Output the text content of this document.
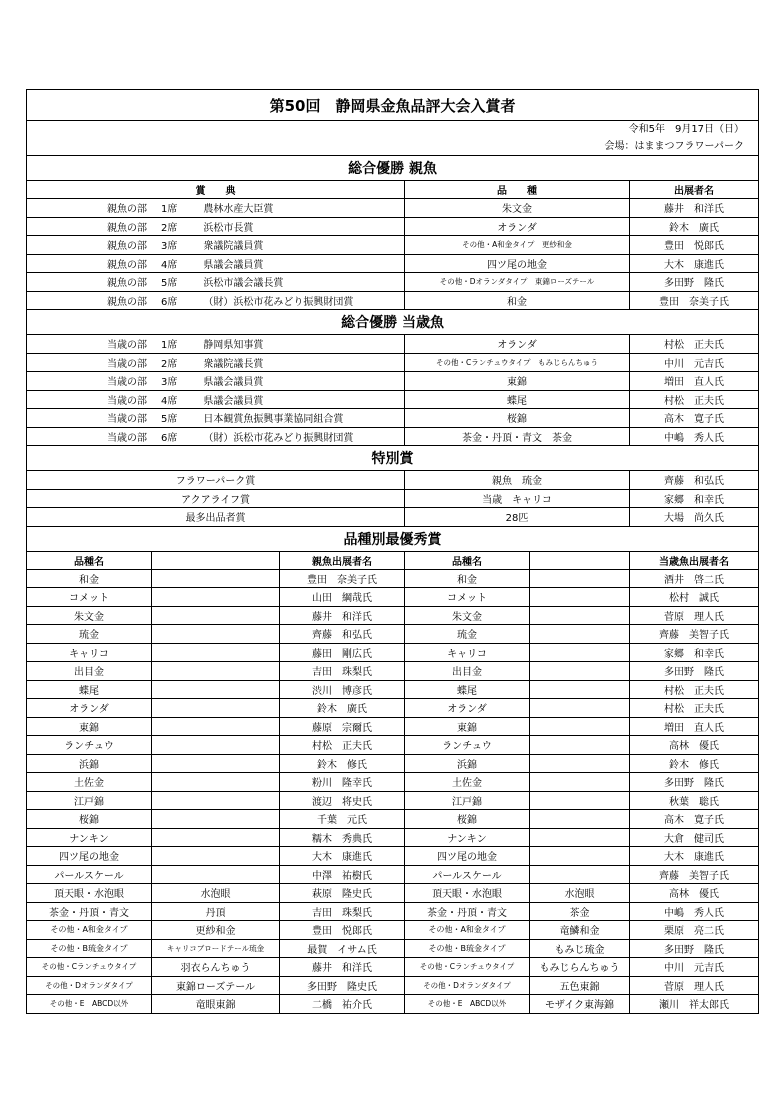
第50回　静岡県金魚品評大会入賞者					
令和5年　9月17日（日）					
会場：はままつフラワーパーク					
総合優勝 親魚					
賞　　典			品　　種		出展者名
親魚の部 1席 農林水産大臣賞			朱文金		藤井　和洋氏
親魚の部 2席 浜松市長賞			オランダ		鈴木　廣氏
親魚の部 3席 衆議院議員賞			その他・A和金タイプ　更紗和金		豊田　悦郎氏
親魚の部 4席 県議会議員賞			四ツ尾の地金		大木　康進氏
親魚の部 5席 浜松市議会議長賞			その他・Dオランダタイプ　東錦ローズテール		多田野　隆氏
親魚の部 6席 （財）浜松市花みどり振興財団賞			和金		豊田　奈美子氏
総合優勝 当歳魚					
当歳の部 1席 静岡県知事賞			オランダ		村松　正夫氏
当歳の部 2席 衆議院議長賞			その他・Cランチュウタイプ　もみじらんちゅう		中川　元吉氏
当歳の部 3席 県議会議員賞			東錦		増田　直人氏
当歳の部 4席 県議会議員賞			蝶尾		村松　正夫氏
当歳の部 5席 日本観賞魚振興事業協同組合賞			桜錦		高木　寛子氏
当歳の部 6席 （財）浜松市花みどり振興財団賞			茶金・丹頂・青文　茶金		中嶋　秀人氏
特別賞					
フラワーパーク賞			親魚　琉金		齊藤　和弘氏
アクアライフ賞			当歳　キャリコ		家郷　和幸氏
最多出品者賞			28匹		大場　尚久氏
品種別最優秀賞					
品種名		親魚出展者名	品種名		当歳魚出展者名
和金		豊田　奈美子氏	和金		酒井　啓二氏
コメット		山田　綱哉氏	コメット		松村　誠氏
朱文金		藤井　和洋氏	朱文金		菅原　理人氏
琉金		齊藤　和弘氏	琉金		齊藤　美智子氏
キャリコ		藤田　剛広氏	キャリコ		家郷　和幸氏
出目金		吉田　珠梨氏	出目金		多田野　隆氏
蝶尾		渋川　博彦氏	蝶尾		村松　正夫氏
オランダ		鈴木　廣氏	オランダ		村松　正夫氏
東錦		藤原　宗爾氏	東錦		増田　直人氏
ランチュウ		村松　正夫氏	ランチュウ		高林　優氏
浜錦		鈴木　修氏	浜錦		鈴木　修氏
土佐金		粉川　隆幸氏	土佐金		多田野　隆氏
江戸錦		渡辺　将史氏	江戸錦		秋葉　聡氏
桜錦		千葉　元氏	桜錦		高木　寛子氏
ナンキン		糯木　秀典氏	ナンキン		大倉　健司氏
四ツ尾の地金		大木　康進氏	四ツ尾の地金		大木　康進氏
パールスケール		中澤　祐樹氏	パールスケール		齊藤　美智子氏
頂天眼・水泡眼	水泡眼	萩原　隆史氏	頂天眼・水泡眼	水泡眼	高林　優氏
茶金・丹頂・青文	丹頂	吉田　珠梨氏	茶金・丹頂・青文	茶金	中嶋　秀人氏
その他・A和金タイプ	更紗和金	豊田　悦郎氏	その他・A和金タイプ	竜鱗和金	栗原　亮二氏
その他・B琉金タイプ	キャリコブロードテール琉金	最賀　イサム氏	その他・B琉金タイプ	もみじ琉金	多田野　隆氏
その他・Cランチュウタイプ	羽衣らんちゅう	藤井　和洋氏	その他・Cランチュウタイプ	もみじらんちゅう	中川　元吉氏
その他・Dオランダタイプ	東錦ローズテール	多田野　隆史氏	その他・Dオランダタイプ	五色東錦	菅原　理人氏
その他・E　ABCD以外	竜眼東錦	二橋　祐介氏	その他・E　ABCD以外	モザイク東海錦	瀬川　祥太郎氏
